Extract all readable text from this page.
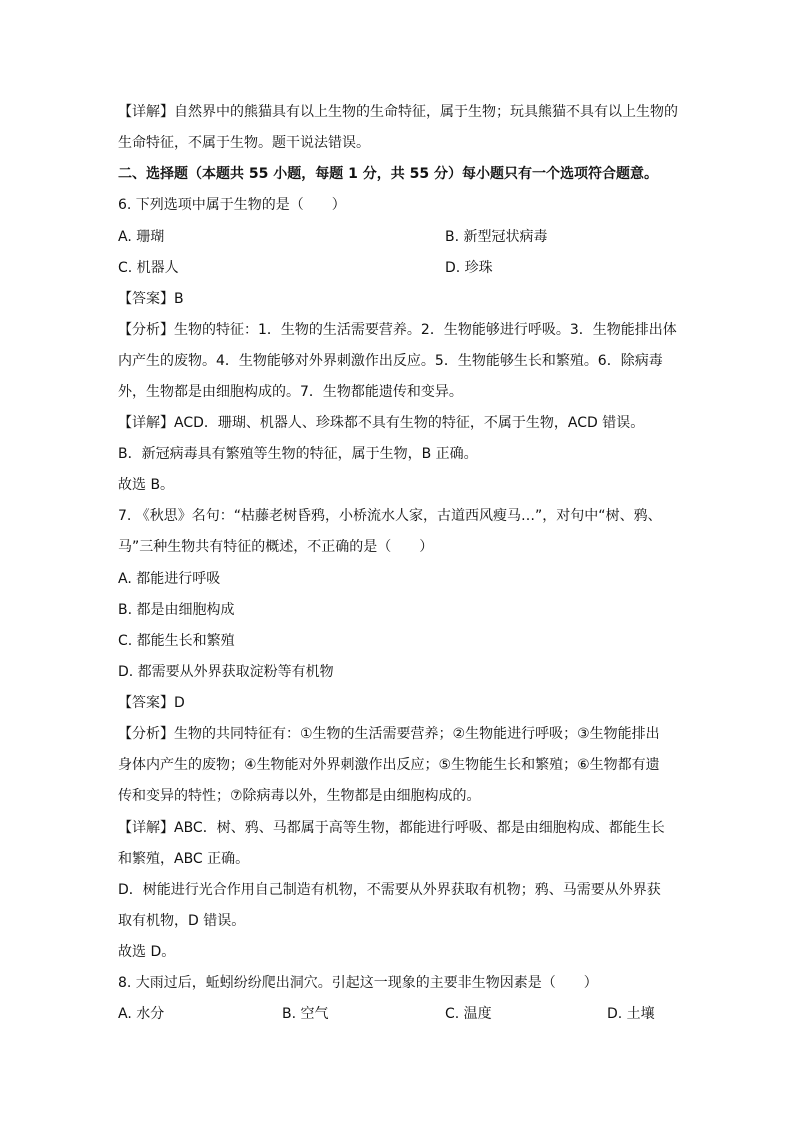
【详解】自然界中的熊猫具有以上生物的生命特征，属于生物；玩具熊猫不具有以上生物的
生命特征，不属于生物。题干说法错误。
二、选择题（本题共 55 小题，每题 1 分，共 55 分）每小题只有一个选项符合题意。
6. 下列选项中属于生物的是（　　）
A. 珊瑚	B. 新型冠状病毒
C. 机器人	D. 珍珠
【答案】B
【分析】生物的特征：1．生物的生活需要营养。2．生物能够进行呼吸。3．生物能排出体
内产生的废物。4．生物能够对外界刺激作出反应。5．生物能够生长和繁殖。6．除病毒
外，生物都是由细胞构成的。7．生物都能遗传和变异。
【详解】ACD．珊瑚、机器人、珍珠都不具有生物的特征，不属于生物，ACD 错误。
B．新冠病毒具有繁殖等生物的特征，属于生物，B 正确。
故选 B。
7. 《秋思》名句：“枯藤老树昏鸦，小桥流水人家，古道西风瘦马…”，对句中“树、鸦、
马”三种生物共有特征的概述，不正确的是（　　）
A. 都能进行呼吸
B. 都是由细胞构成
C. 都能生长和繁殖
D. 都需要从外界获取淀粉等有机物
【答案】D
【分析】生物的共同特征有：①生物的生活需要营养；②生物能进行呼吸；③生物能排出
身体内产生的废物；④生物能对外界刺激作出反应；⑤生物能生长和繁殖；⑥生物都有遗
传和变异的特性；⑦除病毒以外，生物都是由细胞构成的。
【详解】ABC．树、鸦、马都属于高等生物，都能进行呼吸、都是由细胞构成、都能生长
和繁殖，ABC 正确。
D．树能进行光合作用自己制造有机物，不需要从外界获取有机物；鸦、马需要从外界获
取有机物，D 错误。
故选 D。
8. 大雨过后，蚯蚓纷纷爬出洞穴。引起这一现象的主要非生物因素是（　　）
A. 水分	B. 空气	C. 温度	D. 土壤
